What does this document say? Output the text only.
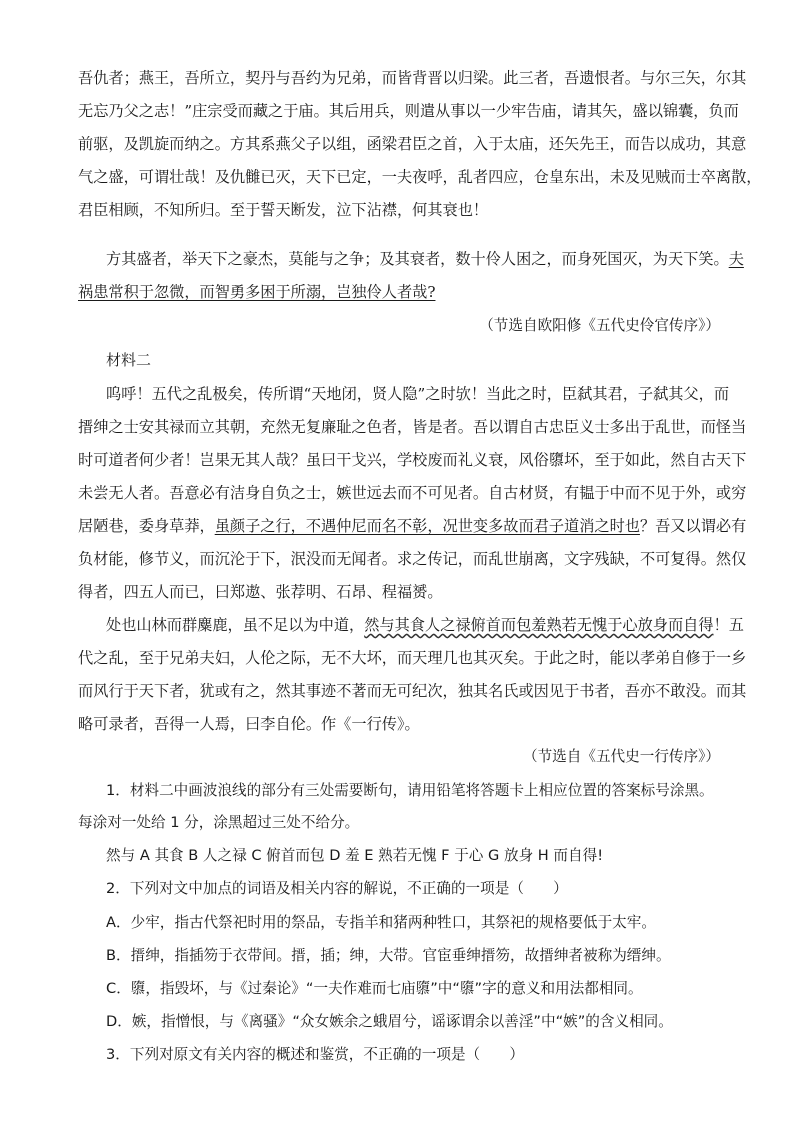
吾仇者；燕王，吾所立，契丹与吾约为兄弟，而皆背晋以归梁。此三者，吾遗恨者。与尔三矢，尔其

无忘乃父之志！”庄宗受而藏之于庙。其后用兵，则遣从事以一少牢告庙，请其矢，盛以锦囊，负而

前驱，及凯旋而纳之。方其系燕父子以组，函梁君臣之首，入于太庙，还矢先王，而告以成功，其意

气之盛，可谓壮哉！及仇雠已灭，天下已定，一夫夜呼，乱者四应，仓皇东出，未及见贼而士卒离散，

君臣相顾，不知所归。至于誓天断发，泣下沾襟，何其衰也！

方其盛者，举天下之豪杰，莫能与之争；及其衰者，数十伶人困之，而身死国灭，为天下笑。夫

祸患常积于忽微，而智勇多困于所溺，岂独伶人者哉?

（节选自欧阳修《五代史伶官传序》）

材料二

呜呼！五代之乱极矣，传所谓“天地闭，贤人隐”之时欤！当此之时，臣弑其君，子弑其父，而

搢绅之士安其禄而立其朝，充然无复廉耻之色者，皆是者。吾以谓自古忠臣义士多出于乱世，而怪当

时可道者何少者！岂果无其人哉？虽曰干戈兴，学校废而礼义衰，风俗隳坏，至于如此，然自古天下

未尝无人者。吾意必有洁身自负之士，嫉世远去而不可见者。自古材贤，有韫于中而不见于外，或穷

居陋巷，委身草莽，虽颜子之行，不遇仲尼而名不彰，况世变多故而君子道消之时也？吾又以谓必有

负材能，修节义，而沉沦于下，泯没而无闻者。求之传记，而乱世崩离，文字残缺，不可复得。然仅

得者，四五人而已，曰郑遨、张荐明、石昂、程福赟。

处也山林而群麋鹿，虽不足以为中道，然与其食人之禄俯首而包羞熟若无愧于心放身而自得！五

代之乱，至于兄弟夫妇，人伦之际，无不大坏，而天理几也其灭矣。于此之时，能以孝弟自修于一乡

而风行于天下者，犹或有之，然其事迹不著而无可纪次，独其名氏或因见于书者，吾亦不敢没。而其

略可录者，吾得一人焉，曰李自伦。作《一行传》。

（节选自《五代史一行传序》）

1．材料二中画波浪线的部分有三处需要断句，请用铅笔将答题卡上相应位置的答案标号涂黑。

每涂对一处给 1 分，涂黑超过三处不给分。

然与 A 其食 B 人之禄 C 俯首而包 D 羞 E 熟若无愧 F 于心 G 放身 H 而自得!

2．下列对文中加点的词语及相关内容的解说，不正确的一项是（　　）

A．少牢，指古代祭祀时用的祭品，专指羊和猪两种牲口，其祭祀的规格要低于太牢。

B．搢绅，指插笏于衣带间。搢，插；绅，大带。官宦垂绅搢笏，故搢绅者被称为缙绅。

C．隳，指毁坏，与《过秦论》“一夫作难而七庙隳”中“隳”字的意义和用法都相同。

D．嫉，指憎恨，与《离骚》“众女嫉余之蛾眉兮，谣诼谓余以善淫”中“嫉”的含义相同。

3．下列对原文有关内容的概述和鉴赏，不正确的一项是（　　）
